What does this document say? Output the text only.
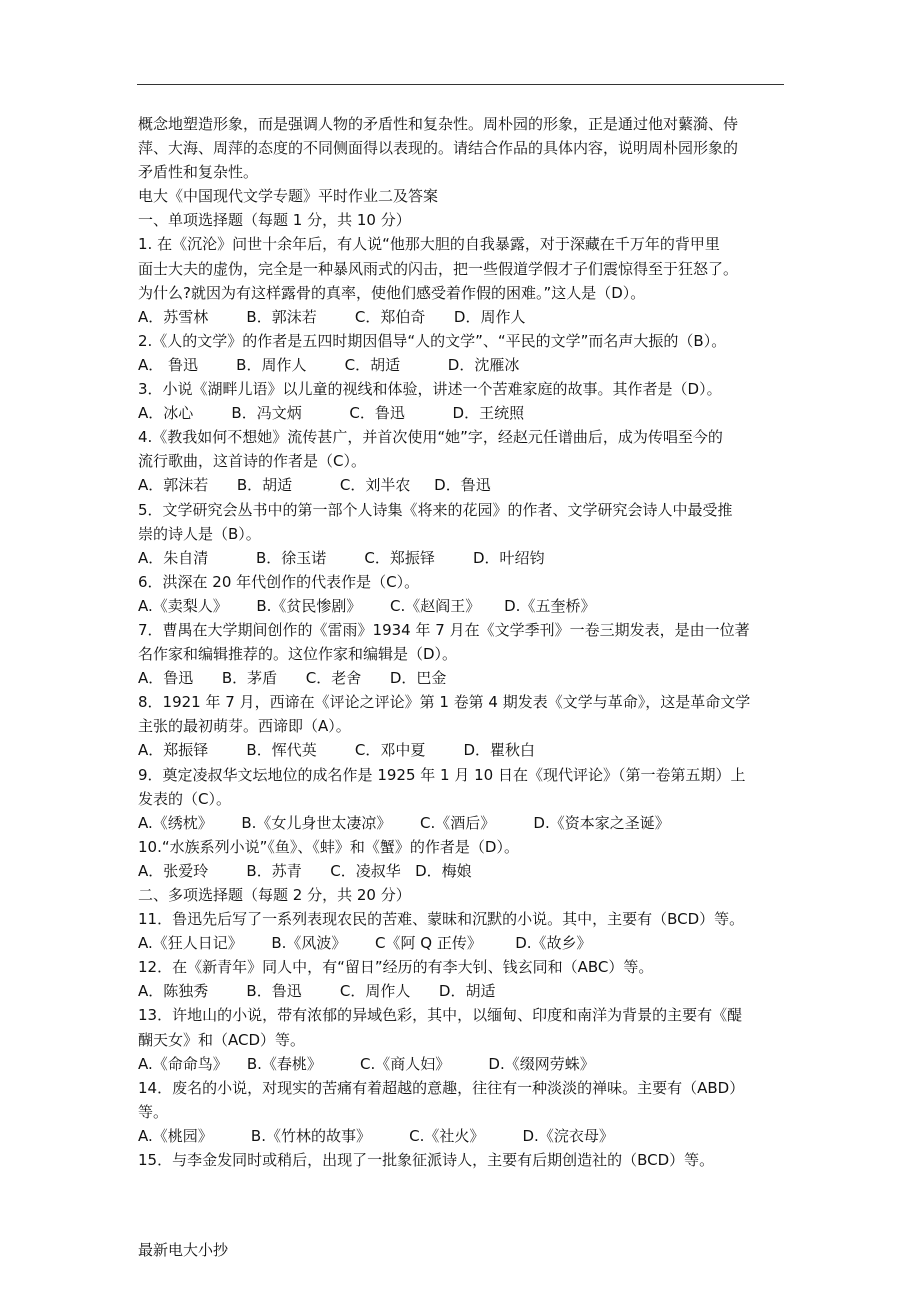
概念地塑造形象，而是强调人物的矛盾性和复杂性。周朴园的形象，正是通过他对蘩漪、侍
萍、大海、周萍的态度的不同侧面得以表现的。请结合作品的具体内容，说明周朴园形象的
矛盾性和复杂性。
电大《中国现代文学专题》平时作业二及答案
一、单项选择题（每题 1 分，共 10 分）
1. 在《沉沦》问世十余年后，有人说“他那大胆的自我暴露，对于深藏在千万年的背甲里
面士大夫的虚伪，完全是一种暴风雨式的闪击，把一些假道学假才子们震惊得至于狂怒了。
为什么?就因为有这样露骨的真率，使他们感受着作假的困难。”这人是（D）。
A．苏雪林        B．郭沫若        C．郑伯奇      D．周作人
2.《人的文学》的作者是五四时期因倡导“人的文学”、“平民的文学”而名声大振的（B）。
A． 鲁迅        B．周作人        C．胡适          D．沈雁冰
3．小说《湖畔儿语》以儿童的视线和体验，讲述一个苦难家庭的故事。其作者是（D）。
A．冰心        B．冯文炳          C．鲁迅          D．王统照
4.《教我如何不想她》流传甚广，并首次使用“她”字，经赵元任谱曲后，成为传唱至今的
流行歌曲，这首诗的作者是（C）。
A．郭沫若      B．胡适          C．刘半农     D．鲁迅
5．文学研究会丛书中的第一部个人诗集《将来的花园》的作者、文学研究会诗人中最受推
崇的诗人是（B）。
A．朱自清          B．徐玉诺        C．郑振铎        D．叶绍钧
6．洪深在 20 年代创作的代表作是（C）。
A.《卖梨人》      B.《贫民惨剧》      C.《赵阎王》     D.《五奎桥》
7．曹禺在大学期间创作的《雷雨》1934 年 7 月在《文学季刊》一卷三期发表，是由一位著
名作家和编辑推荐的。这位作家和编辑是（D）。
A．鲁迅      B．茅盾      C．老舍      D．巴金
8．1921 年 7 月，西谛在《评论之评论》第 1 卷第 4 期发表《文学与革命》，这是革命文学
主张的最初萌芽。西谛即（A）。
A．郑振铎        B．恽代英        C．邓中夏        D．瞿秋白
9．奠定凌叔华文坛地位的成名作是 1925 年 1 月 10 日在《现代评论》（第一卷第五期）上
发表的（C）。
A.《绣枕》      B.《女儿身世太凄凉》      C.《酒后》        D.《资本家之圣诞》
10.“水族系列小说”《鱼》、《蚌》和《蟹》的作者是（D）。
A．张爱玲        B．苏青      C．凌叔华   D．梅娘
二、多项选择题（每题 2 分，共 20 分）
11．鲁迅先后写了一系列表现农民的苦难、蒙昧和沉默的小说。其中，主要有（BCD）等。
A.《狂人日记》      B.《风波》      C《阿 Q 正传》       D.《故乡》
12．在《新青年》同人中，有“留日”经历的有李大钊、钱玄同和（ABC）等。
A．陈独秀        B．鲁迅        C．周作人      D．胡适
13．许地山的小说，带有浓郁的异域色彩，其中，以缅甸、印度和南洋为背景的主要有《醍
醐天女》和（ACD）等。
A.《命命鸟》    B.《春桃》        C.《商人妇》        D.《缀网劳蛛》
14．废名的小说，对现实的苦痛有着超越的意趣，往往有一种淡淡的禅味。主要有（ABD）
等。
A.《桃园》        B.《竹林的故事》        C.《社火》        D.《浣衣母》
15．与李金发同时或稍后，出现了一批象征派诗人，主要有后期创造社的（BCD）等。
最新电大小抄
